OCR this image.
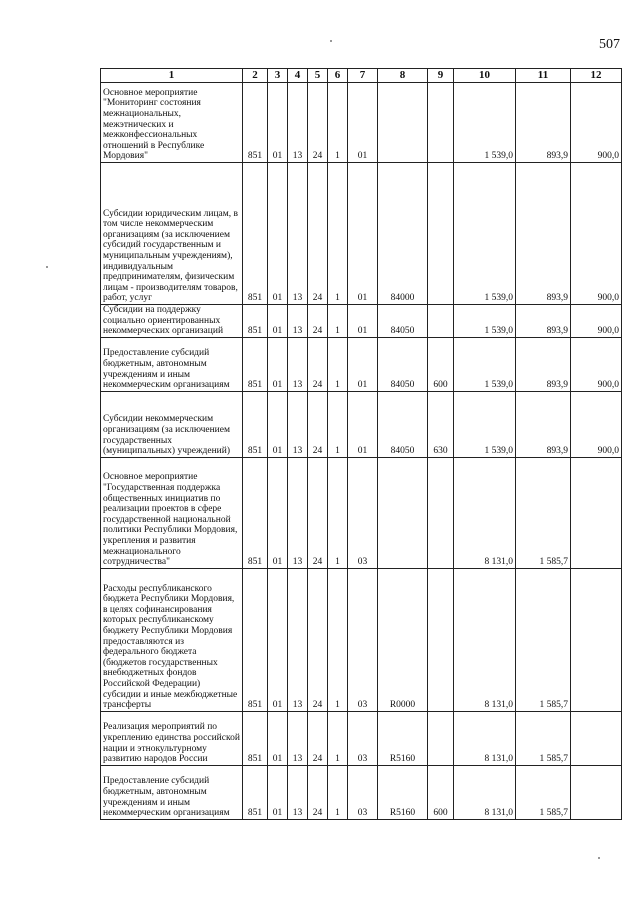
507
1	2	3	4	5	6	7	8	9	10	11	12
Основное мероприятие "Мониторинг состояния межнациональных, межэтнических и межконфессиональных отношений в Республике Мордовия"	851	01	13	24	1	01			1 539,0	893,9	900,0
Субсидии юридическим лицам, в том числе некоммерческим организациям (за исключением субсидий государственным и муниципальным учреждениям), индивидуальным предпринимателям, физическим лицам - производителям товаров, работ, услуг	851	01	13	24	1	01	84000		1 539,0	893,9	900,0
Субсидии на поддержку социально ориентированных некоммерческих организаций	851	01	13	24	1	01	84050		1 539,0	893,9	900,0
Предоставление субсидий бюджетным, автономным учреждениям и иным некоммерческим организациям	851	01	13	24	1	01	84050	600	1 539,0	893,9	900,0
Субсидии некоммерческим организациям (за исключением государственных (муниципальных) учреждений)	851	01	13	24	1	01	84050	630	1 539,0	893,9	900,0
Основное мероприятие "Государственная поддержка общественных инициатив по реализации проектов в сфере государственной национальной политики Республики Мордовия, укрепления и развития межнационального сотрудничества"	851	01	13	24	1	03			8 131,0	1 585,7	
Расходы республиканского бюджета Республики Мордовия, в целях софинансирования которых республиканскому бюджету Республики Мордовия предоставляются из федерального бюджета (бюджетов государственных внебюджетных фондов Российской Федерации) субсидии и иные межбюджетные трансферты	851	01	13	24	1	03	R0000		8 131,0	1 585,7	
Реализация мероприятий по укреплению единства российской нации и этнокультурному развитию народов России	851	01	13	24	1	03	R5160		8 131,0	1 585,7	
Предоставление субсидий бюджетным, автономным учреждениям и иным некоммерческим организациям	851	01	13	24	1	03	R5160	600	8 131,0	1 585,7	
